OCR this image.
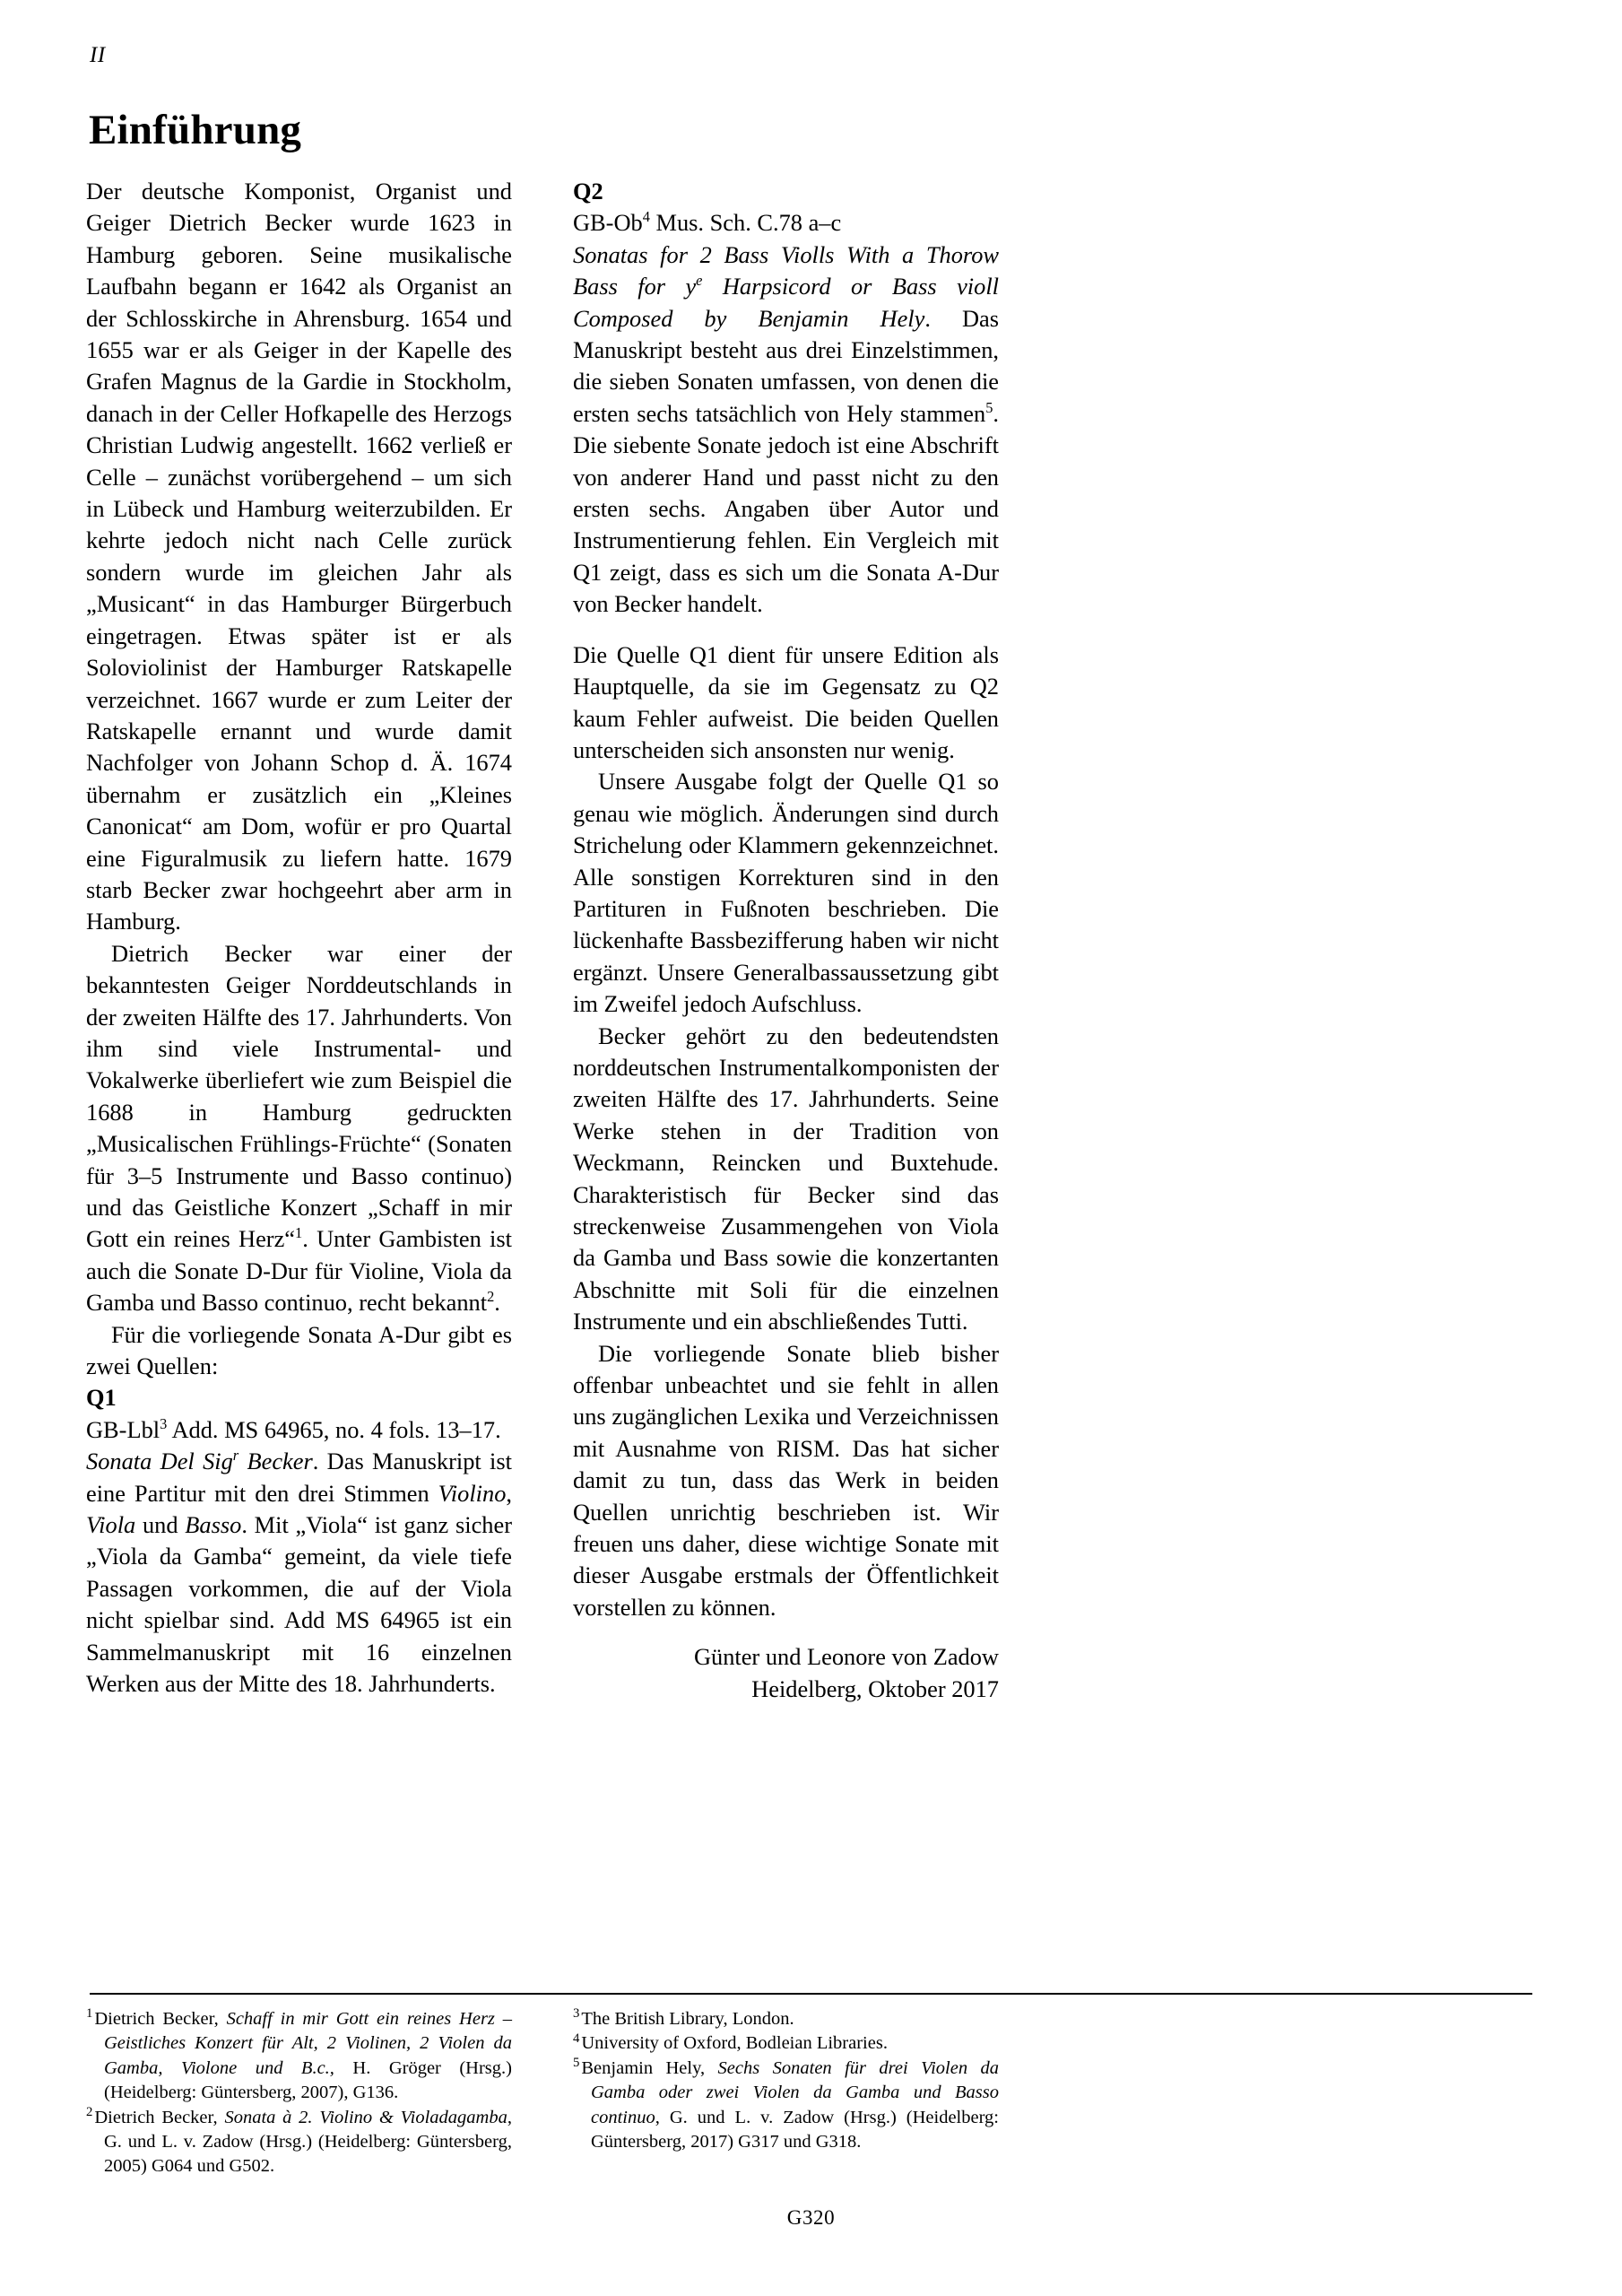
II
Einführung

Der deutsche Komponist, Organist und Geiger Dietrich Becker wurde 1623 in Hamburg geboren. Seine musikalische Laufbahn begann er 1642 als Organist an der Schlosskirche in Ahrensburg. 1654 und 1655 war er als Geiger in der Kapelle des Grafen Magnus de la Gardie in Stockholm, danach in der Celler Hofkapelle des Herzogs Christian Ludwig angestellt. 1662 verließ er Celle – zunächst vorübergehend – um sich in Lübeck und Hamburg weiterzubilden. Er kehrte jedoch nicht nach Celle zurück sondern wurde im gleichen Jahr als „Musicant“ in das Hamburger Bürgerbuch eingetragen. Etwas später ist er als Soloviolinist der Hamburger Ratskapelle verzeichnet. 1667 wurde er zum Leiter der Ratskapelle ernannt und wurde damit Nachfolger von Johann Schop d. Ä. 1674 übernahm er zusätzlich ein „Kleines Canonicat“ am Dom, wofür er pro Quartal eine Figuralmusik zu liefern hatte. 1679 starb Becker zwar hochgeehrt aber arm in Hamburg.

Dietrich Becker war einer der bekanntesten Geiger Norddeutschlands in der zweiten Hälfte des 17. Jahrhunderts. Von ihm sind viele Instrumental- und Vokalwerke überliefert wie zum Beispiel die 1688 in Hamburg gedruckten „Musicalischen Frühlings-Früchte“ (Sonaten für 3–5 Instrumente und Basso continuo) und das Geistliche Konzert „Schaff in mir Gott ein reines Herz“$^1$. Unter Gambisten ist auch die Sonate D-Dur für Violine, Viola da Gamba und Basso continuo, recht bekannt$^2$.

Für die vorliegende Sonata A-Dur gibt es zwei Quellen:

Q1

GB-Lbl$^3$ Add. MS 64965, no. 4 fols. 13–17.

Sonata Del Sig$^r$ Becker. Das Manuskript ist eine Partitur mit den drei Stimmen Violino, Viola und Basso. Mit „Viola“ ist ganz sicher „Viola da Gamba“ gemeint, da viele tiefe Passagen vorkommen, die auf der Viola nicht spielbar sind. Add MS 64965 ist ein Sammelmanuskript mit 16 einzelnen Werken aus der Mitte des 18. Jahrhunderts.

Q2

GB-Ob$^4$ Mus. Sch. C.78 a–c

Sonatas for 2 Bass Violls With a Thorow Bass for $y^e$ Harpsicord or Bass violl Composed by Benjamin Hely. Das Manuskript besteht aus drei Einzelstimmen, die sieben Sonaten umfassen, von denen die ersten sechs tatsächlich von Hely stammen$^5$. Die siebente Sonate jedoch ist eine Abschrift von anderer Hand und passt nicht zu den ersten sechs. Angaben über Autor und Instrumentierung fehlen. Ein Vergleich mit Q1 zeigt, dass es sich um die Sonata A-Dur von Becker handelt.

Die Quelle Q1 dient für unsere Edition als Hauptquelle, da sie im Gegensatz zu Q2 kaum Fehler aufweist. Die beiden Quellen unterscheiden sich ansonsten nur wenig.

Unsere Ausgabe folgt der Quelle Q1 so genau wie möglich. Änderungen sind durch Strichelung oder Klammern gekennzeichnet. Alle sonstigen Korrekturen sind in den Partituren in Fußnoten beschrieben. Die lückenhafte Bassbezifferung haben wir nicht ergänzt. Unsere Generalbassaussetzung gibt im Zweifel jedoch Aufschluss.

Becker gehört zu den bedeutendsten norddeutschen Instrumentalkomponisten der zweiten Hälfte des 17. Jahrhunderts. Seine Werke stehen in der Tradition von Weckmann, Reincken und Buxtehude. Charakteristisch für Becker sind das streckenweise Zusammengehen von Viola da Gamba und Bass sowie die konzertanten Abschnitte mit Soli für die einzelnen Instrumente und ein abschließendes Tutti.

Die vorliegende Sonate blieb bisher offenbar unbeachtet und sie fehlt in allen uns zugänglichen Lexika und Verzeichnissen mit Ausnahme von RISM. Das hat sicher damit zu tun, dass das Werk in beiden Quellen unrichtig beschrieben ist. Wir freuen uns daher, diese wichtige Sonate mit dieser Ausgabe erstmals der Öffentlichkeit vorstellen zu können.

Günter und Leonore von Zadow
Heidelberg, Oktober 2017

$^1$Dietrich Becker, Schaff in mir Gott ein reines Herz – Geistliches Konzert für Alt, 2 Violinen, 2 Violen da Gamba, Violone und B.c., H. Gröger (Hrsg.) (Heidelberg: Güntersberg, 2007), G136.

$^2$Dietrich Becker, Sonata à 2. Violino & Violadagamba, G. und L. v. Zadow (Hrsg.) (Heidelberg: Güntersberg, 2005) G064 und G502.

$^3$The British Library, London.

$^4$University of Oxford, Bodleian Libraries.

$^5$Benjamin Hely, Sechs Sonaten für drei Violen da Gamba oder zwei Violen da Gamba und Basso continuo, G. und L. v. Zadow (Hrsg.) (Heidelberg: Güntersberg, 2017) G317 und G318.

G320
